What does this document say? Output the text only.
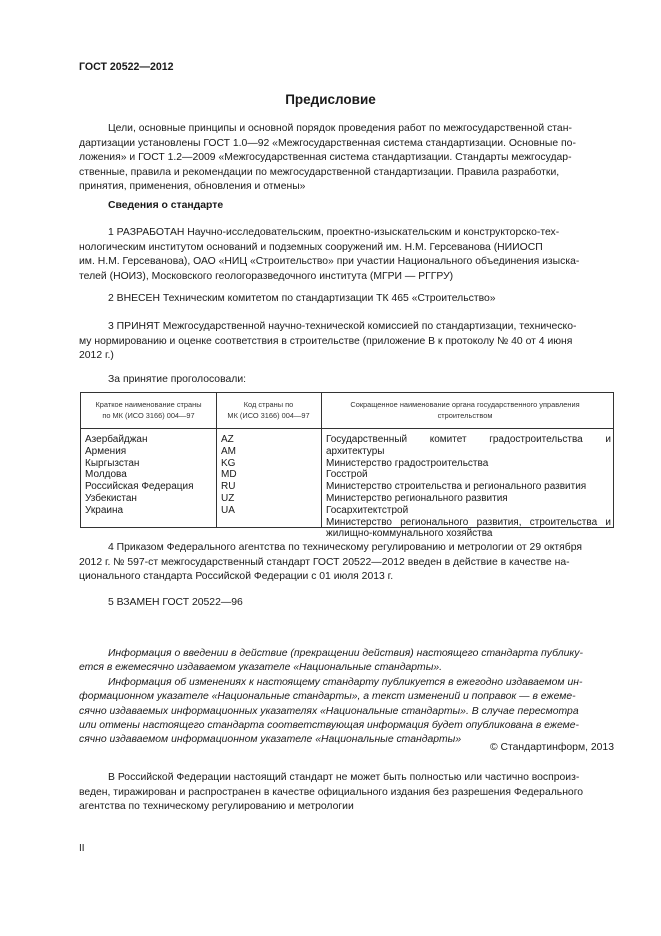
ГОСТ 20522—2012
Предисловие

Цели, основные принципы и основной порядок проведения работ по межгосударственной стан-
дартизации установлены ГОСТ 1.0—92 «Межгосударственная система стандартизации. Основные по-
ложения» и ГОСТ 1.2—2009 «Межгосударственная система стандартизации. Стандарты межгосудар-
ственные, правила и рекомендации по межгосударственной стандартизации. Правила разработки,
принятия, применения, обновления и отмены»

Сведения о стандарте

1 РАЗРАБОТАН Научно-исследовательским, проектно-изыскательским и конструкторско-тех-
нологическим институтом оснований и подземных сооружений им. Н.М. Герсеванова (НИИОСП
им. Н.М. Герсеванова), ОАО «НИЦ «Строительство» при участии Национального объединения изыска-
телей (НОИЗ), Московского геологоразведочного института (МГРИ — РГГРУ)

2 ВНЕСЕН Техническим комитетом по стандартизации ТК 465 «Строительство»

3 ПРИНЯТ Межгосударственной научно-технической комиссией по стандартизации, техническо-
му нормированию и оценке соответствия в строительстве (приложение В к протоколу № 40 от 4 июня
2012 г.)

За принятие проголосовали:
Краткое наименование страны
по МК (ИСО 3166) 004—97
Код страны по
МК (ИСО 3166) 004—97
Сокращенное наименование органа государственного управления
строительством
Азербайджан
Армения
Кыргызстан
Молдова
Российская Федерация
Узбекистан
Украина
AZ
AM
KG
MD
RU
UZ
UA
Государственный комитет градостроительства и архитектуры
Министерство градостроительства
Госстрой
Министерство строительства и регионального развития
Министерство регионального развития
Госархитектстрой
Министерство регионального развития, строительства и жилищно-коммунального хозяйства

4 Приказом Федерального агентства по техническому регулированию и метрологии от 29 октября
2012 г. № 597-ст межгосударственный стандарт ГОСТ 20522—2012 введен в действие в качестве на-
ционального стандарта Российской Федерации с 01 июля 2013 г.

5 ВЗАМЕН ГОСТ 20522—96

Информация о введении в действие (прекращении действия) настоящего стандарта публику-
ется в ежемесячно издаваемом указателе «Национальные стандарты».

Информация об изменениях к настоящему стандарту публикуется в ежегодно издаваемом ин-
формационном указателе «Национальные стандарты», а текст изменений и поправок — в ежеме-
сячно издаваемых информационных указателях «Национальные стандарты». В случае пересмотра
или отмены настоящего стандарта соответствующая информация будет опубликована в ежеме-
сячно издаваемом информационном указателе «Национальные стандарты»

© Стандартинформ, 2013

В Российской Федерации настоящий стандарт не может быть полностью или частично воспроиз-
веден, тиражирован и распространен в качестве официального издания без разрешения Федерального
агентства по техническому регулированию и метрологии

II
